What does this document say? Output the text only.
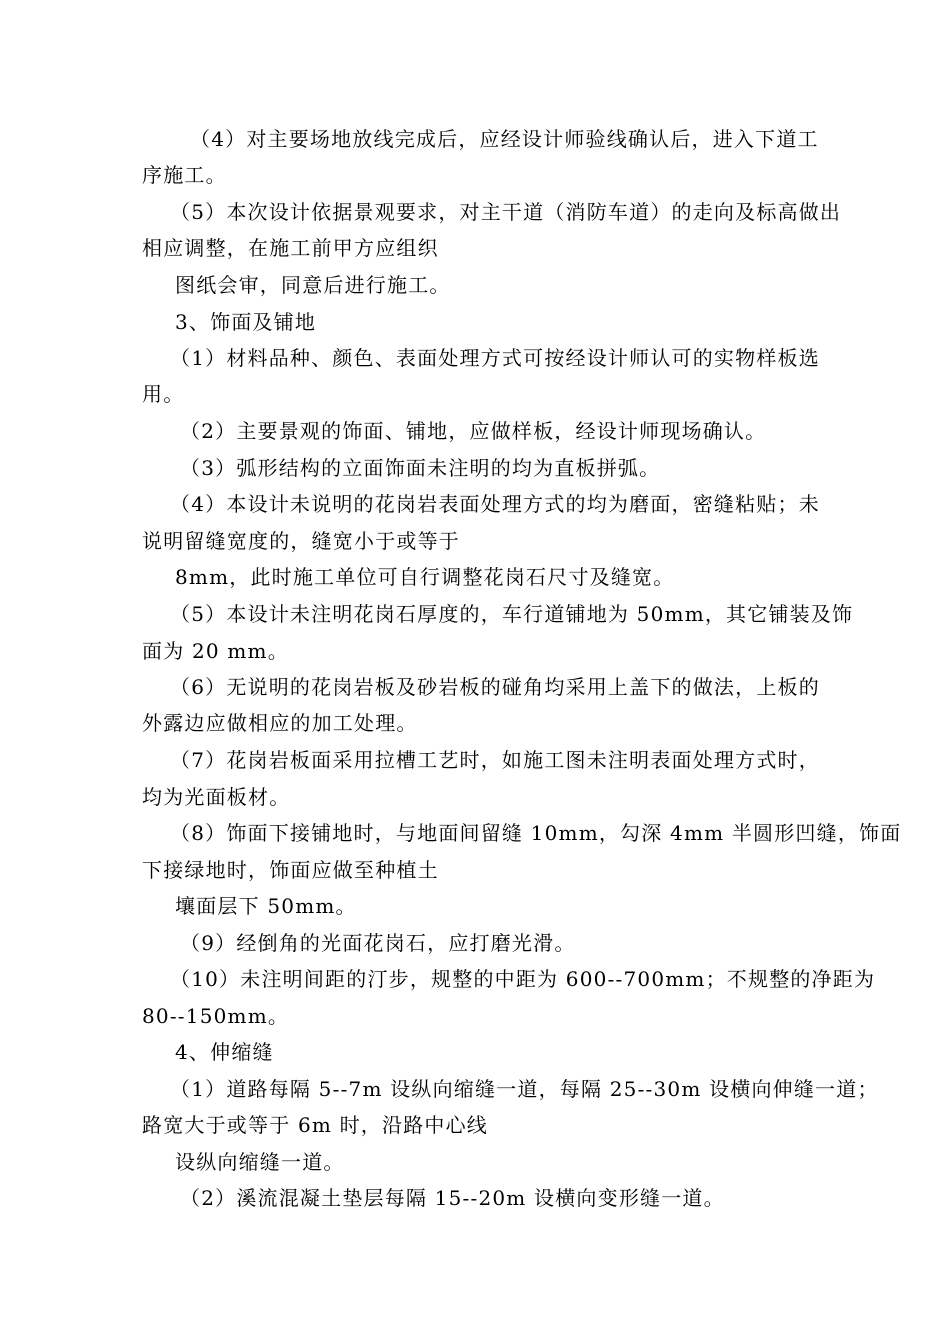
（4）对主要场地放线完成后，应经设计师验线确认后，进入下道工
序施工。
（5）本次设计依据景观要求，对主干道（消防车道）的走向及标高做出
相应调整，在施工前甲方应组织
图纸会审，同意后进行施工。
3、饰面及铺地
（1）材料品种、颜色、表面处理方式可按经设计师认可的实物样板选
用。
（2）主要景观的饰面、铺地，应做样板，经设计师现场确认。
（3）弧形结构的立面饰面未注明的均为直板拼弧。
（4）本设计未说明的花岗岩表面处理方式的均为磨面，密缝粘贴；未
说明留缝宽度的，缝宽小于或等于
8mm，此时施工单位可自行调整花岗石尺寸及缝宽。
（5）本设计未注明花岗石厚度的，车行道铺地为 50mm，其它铺装及饰
面为 20 mm。
（6）无说明的花岗岩板及砂岩板的碰角均采用上盖下的做法，上板的
外露边应做相应的加工处理。
（7）花岗岩板面采用拉槽工艺时，如施工图未注明表面处理方式时，
均为光面板材。
（8）饰面下接铺地时，与地面间留缝 10mm，勾深 4mm 半圆形凹缝，饰面
下接绿地时，饰面应做至种植土
壤面层下 50mm。
（9）经倒角的光面花岗石，应打磨光滑。
（10）未注明间距的汀步，规整的中距为 600--700mm；不规整的净距为
80--150mm。
4、伸缩缝
（1）道路每隔 5--7m 设纵向缩缝一道，每隔 25--30m 设横向伸缝一道；
路宽大于或等于 6m 时，沿路中心线
设纵向缩缝一道。
（2）溪流混凝土垫层每隔 15--20m 设横向变形缝一道。
